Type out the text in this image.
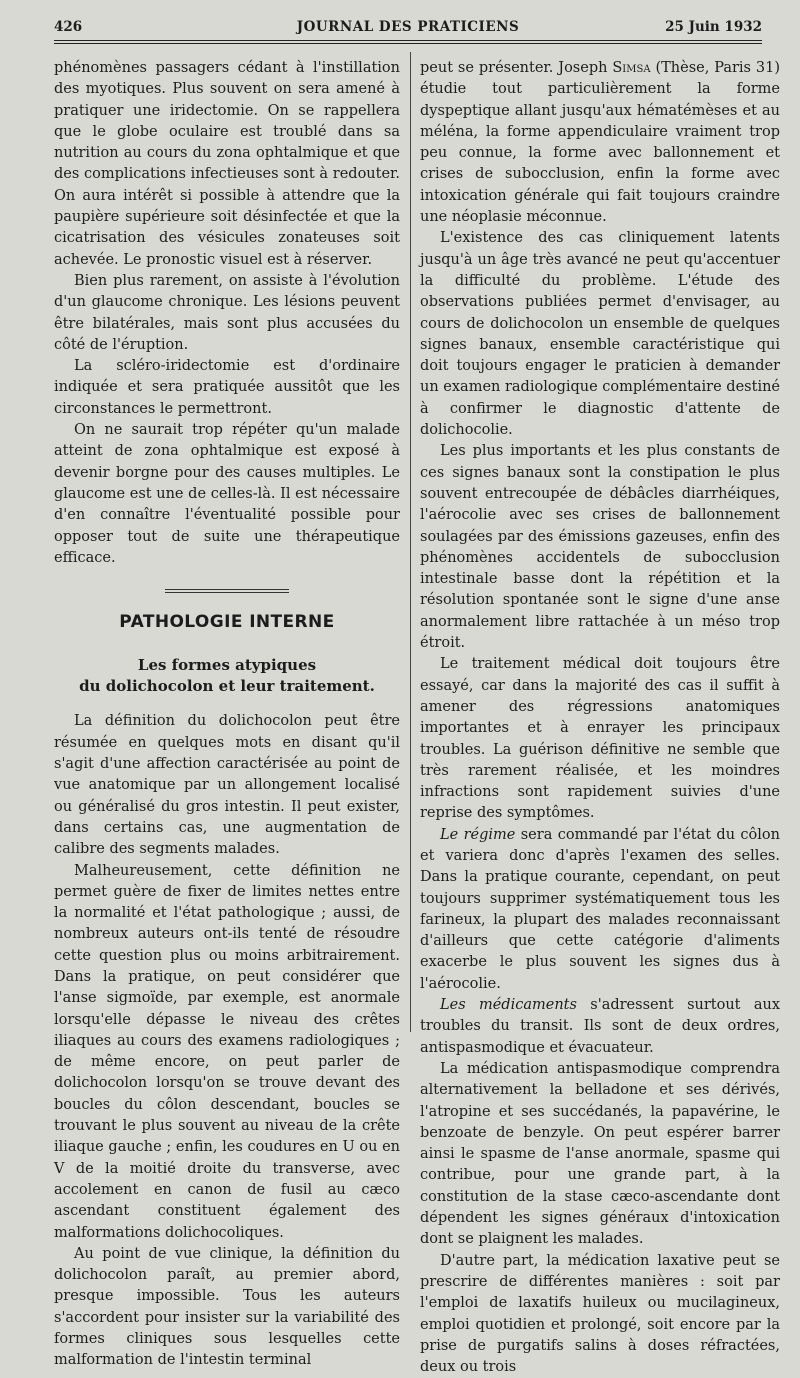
426	JOURNAL DES PRATICIENS	25 Juin 1932

phénomènes passagers cédant à l'instillation des myotiques. Plus souvent on sera amené à pratiquer une iridectomie. On se rappellera que le globe oculaire est troublé dans sa nutrition au cours du zona ophtalmique et que des complications infectieuses sont à redouter. On aura intérêt si possible à attendre que la paupière supérieure soit désinfectée et que la cicatrisation des vésicules zonateuses soit achevée. Le pronostic visuel est à réserver.

Bien plus rarement, on assiste à l'évolution d'un glaucome chronique. Les lésions peuvent être bilatérales, mais sont plus accusées du côté de l'éruption.

La scléro-iridectomie est d'ordinaire indiquée et sera pratiquée aussitôt que les circonstances le permettront.

On ne saurait trop répéter qu'un malade atteint de zona ophtalmique est exposé à devenir borgne pour des causes multiples. Le glaucome est une de celles-là. Il est nécessaire d'en connaître l'éventualité possible pour opposer tout de suite une thérapeutique efficace.

PATHOLOGIE INTERNE
Les formes atypiques
du dolichocolon et leur traitement.

La définition du dolichocolon peut être résumée en quelques mots en disant qu'il s'agit d'une affection caractérisée au point de vue anatomique par un allongement localisé ou généralisé du gros intestin. Il peut exister, dans certains cas, une augmentation de calibre des segments malades.

Malheureusement, cette définition ne permet guère de fixer de limites nettes entre la normalité et l'état pathologique ; aussi, de nombreux auteurs ont-ils tenté de résoudre cette question plus ou moins arbitrairement. Dans la pratique, on peut considérer que l'anse sigmoïde, par exemple, est anormale lorsqu'elle dépasse le niveau des crêtes iliaques au cours des examens radiologiques ; de même encore, on peut parler de dolichocolon lorsqu'on se trouve devant des boucles du côlon descendant, boucles se trouvant le plus souvent au niveau de la crête iliaque gauche ; enfin, les coudures en U ou en V de la moitié droite du transverse, avec accolement en canon de fusil au cæco ascendant constituent également des malformations dolichocoliques.

Au point de vue clinique, la définition du dolichocolon paraît, au premier abord, presque impossible. Tous les auteurs s'accordent pour insister sur la variabilité des formes cliniques sous lesquelles cette malformation de l'intestin terminal

peut se présenter. Joseph Simsa (Thèse, Paris 31) étudie tout particulièrement la forme dyspeptique allant jusqu'aux hématémèses et au méléna, la forme appendiculaire vraiment trop peu connue, la forme avec ballonnement et crises de subocclusion, enfin la forme avec intoxication générale qui fait toujours craindre une néoplasie méconnue.

L'existence des cas cliniquement latents jusqu'à un âge très avancé ne peut qu'accentuer la difficulté du problème. L'étude des observations publiées permet d'envisager, au cours de dolichocolon un ensemble de quelques signes banaux, ensemble caractéristique qui doit toujours engager le praticien à demander un examen radiologique complémentaire destiné à confirmer le diagnostic d'attente de dolichocolie.

Les plus importants et les plus constants de ces signes banaux sont la constipation le plus souvent entrecoupée de débâcles diarrhéiques, l'aérocolie avec ses crises de ballonnement soulagées par des émissions gazeuses, enfin des phénomènes accidentels de subocclusion intestinale basse dont la répétition et la résolution spontanée sont le signe d'une anse anormalement libre rattachée à un méso trop étroit.

Le traitement médical doit toujours être essayé, car dans la majorité des cas il suffit à amener des régressions anatomiques importantes et à enrayer les principaux troubles. La guérison définitive ne semble que très rarement réalisée, et les moindres infractions sont rapidement suivies d'une reprise des symptômes.

Le régime sera commandé par l'état du côlon et variera donc d'après l'examen des selles. Dans la pratique courante, cependant, on peut toujours supprimer systématiquement tous les farineux, la plupart des malades reconnaissant d'ailleurs que cette catégorie d'aliments exacerbe le plus souvent les signes dus à l'aérocolie.

Les médicaments s'adressent surtout aux troubles du transit. Ils sont de deux ordres, antispasmodique et évacuateur.

La médication antispasmodique comprendra alternativement la belladone et ses dérivés, l'atropine et ses succédanés, la papavérine, le benzoate de benzyle. On peut espérer barrer ainsi le spasme de l'anse anormale, spasme qui contribue, pour une grande part, à la constitution de la stase cæco-ascendante dont dépendent les signes généraux d'intoxication dont se plaignent les malades.

D'autre part, la médication laxative peut se prescrire de différentes manières : soit par l'emploi de laxatifs huileux ou mucilagineux, emploi quotidien et prolongé, soit encore par la prise de purgatifs salins à doses réfractées, deux ou trois
